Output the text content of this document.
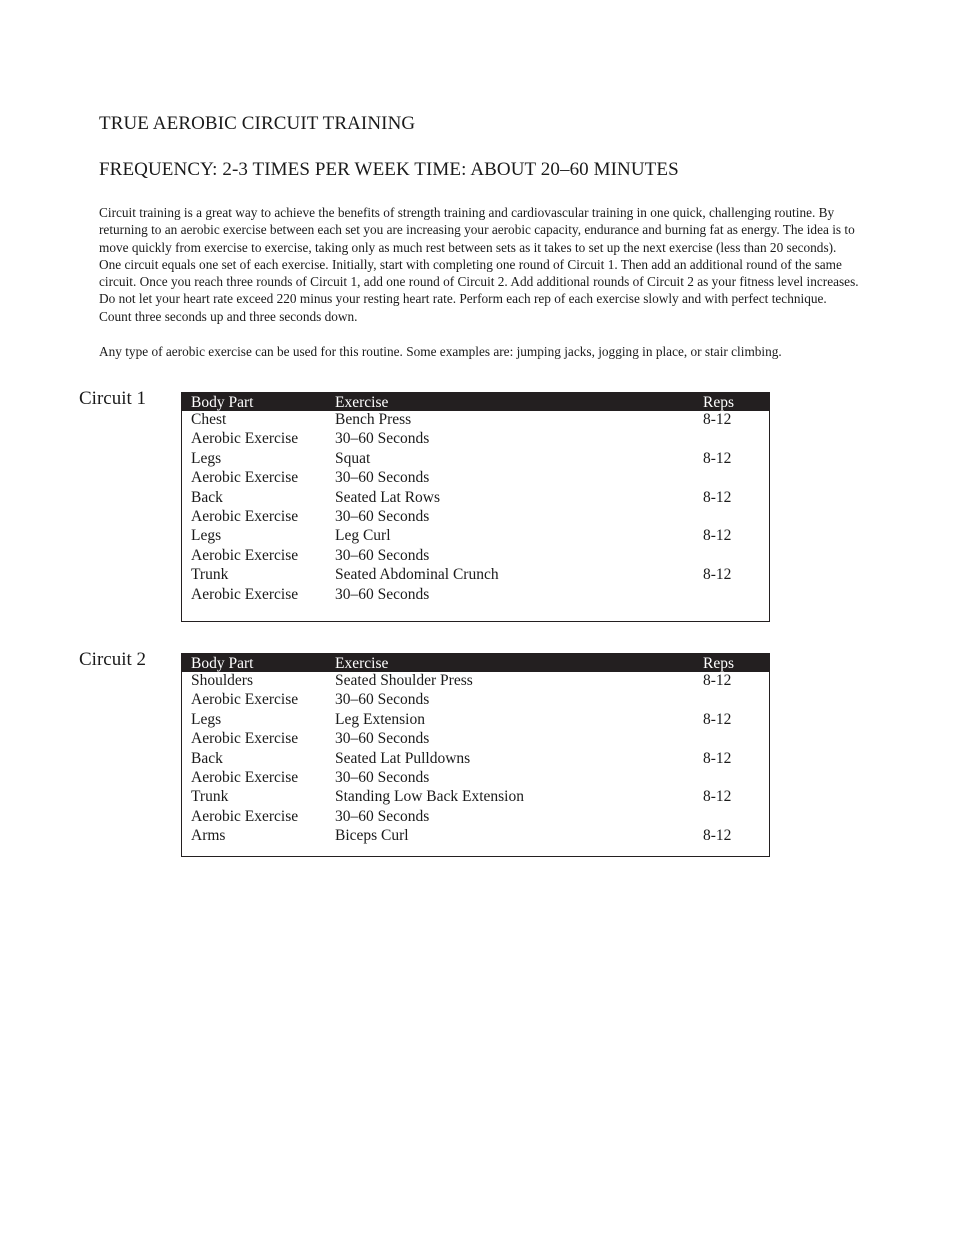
TRUE AEROBIC CIRCUIT TRAINING
FREQUENCY: 2-3 TIMES PER WEEK TIME: ABOUT 20–60 MINUTES

Circuit training is a great way to achieve the benefits of strength training and cardiovascular training in one quick, challenging routine. By returning to an aerobic exercise between each set you are increasing your aerobic capacity, endurance and burning fat as energy. The idea is to move quickly from exercise to exercise, taking only as much rest between sets as it takes to set up the next exercise (less than 20 seconds). One circuit equals one set of each exercise. Initially, start with completing one round of Circuit 1. Then add an additional round of the same circuit. Once you reach three rounds of Circuit 1, add one round of Circuit 2. Add additional rounds of Circuit 2 as your fitness level increases. Do not let your heart rate exceed 220 minus your resting heart rate. Perform each rep of each exercise slowly and with perfect technique. Count three seconds up and three seconds down.

Any type of aerobic exercise can be used for this routine. Some examples are: jumping jacks, jogging in place, or stair climbing.

Circuit 1	Body Part	Exercise	Reps
Chest	Bench Press	8-12
Aerobic Exercise 30–60 Seconds
Legs	Squat	8-12
Aerobic Exercise 30–60 Seconds
Back	Seated Lat Rows	8-12
Aerobic Exercise 30–60 Seconds
Legs	Leg Curl	8-12
Aerobic Exercise 30–60 Seconds
Trunk	Seated Abdominal Crunch	8-12
Aerobic Exercise 30–60 Seconds
Circuit 2	Body Part	Exercise	Reps
Shoulders	Seated Shoulder Press	8-12
Aerobic Exercise 30–60 Seconds
Legs	Leg Extension	8-12
Aerobic Exercise 30–60 Seconds
Back	Seated Lat Pulldowns	8-12
Aerobic Exercise 30–60 Seconds
Trunk	Standing Low Back Extension	8-12
Aerobic Exercise 30–60 Seconds
Arms	Biceps Curl	8-12
